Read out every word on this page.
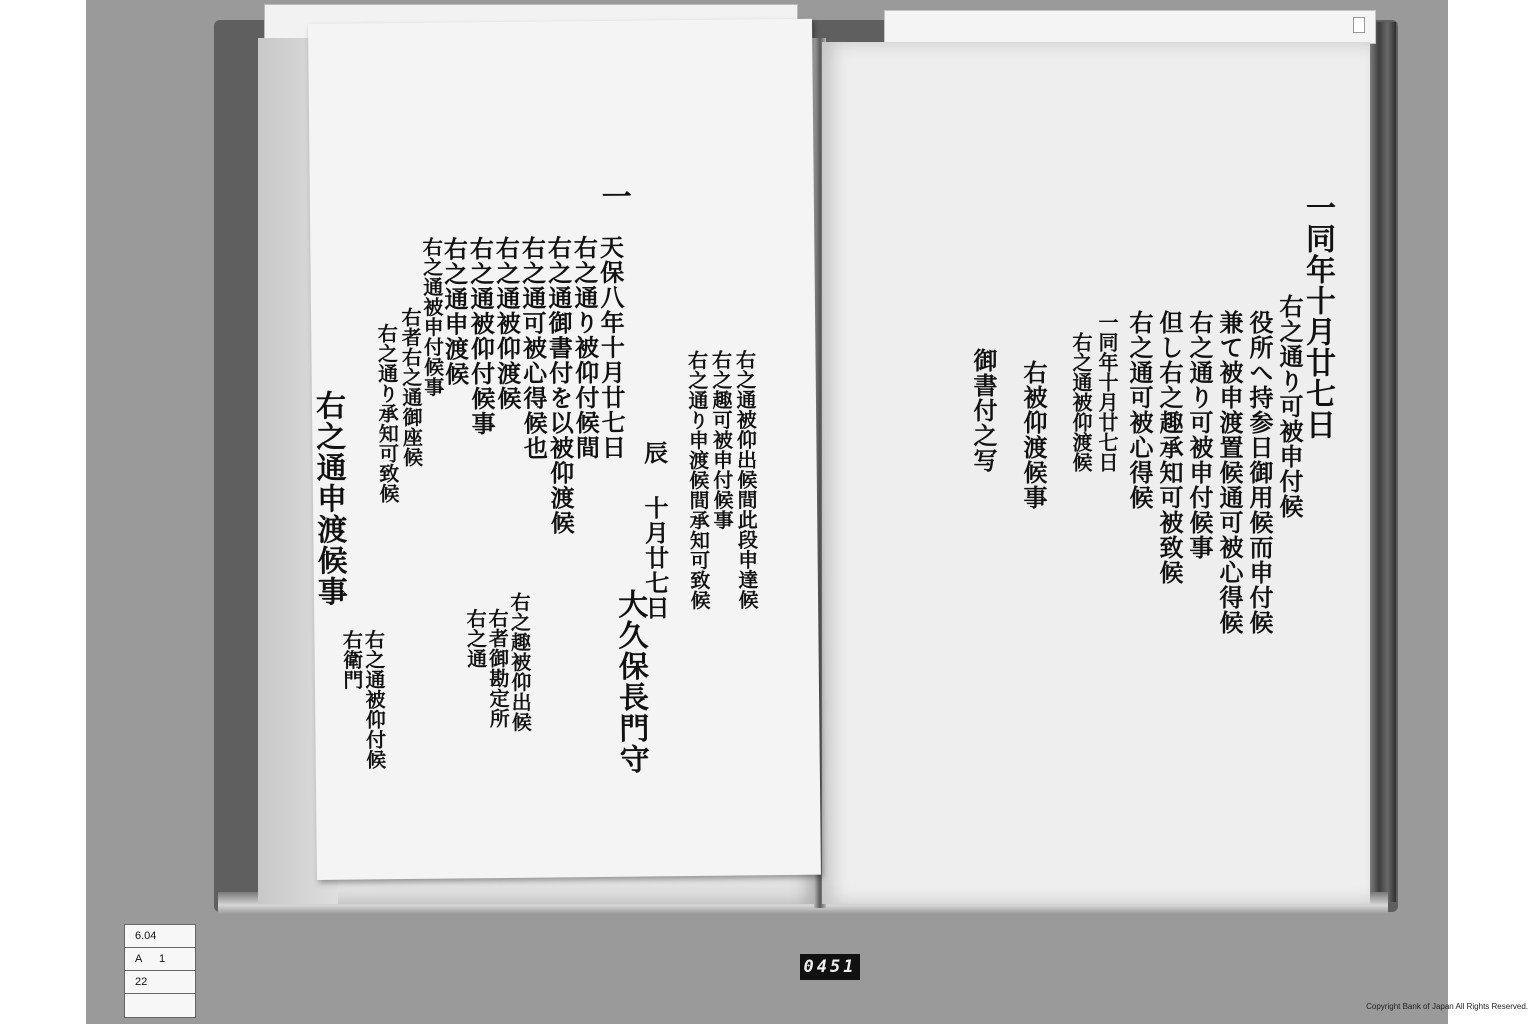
一同年十月廿七日
右之通り可被申付候
役所へ持参日御用候而申付候
兼て被申渡置候通可被心得候
右之通り可被申付候事
但し右之趣承知可被致候
右之通可被心得候
一同年十月廿七日
右之通被仰渡候
右被仰渡候事
御書付之写
一
右之通被仰出候間此段申達候
右之趣可被申付候事
右之通り申渡候間承知可致候
辰 十月廿七日
大久保長門守
天保八年十月廿七日
右之通り被仰付候間
右之通御書付を以被仰渡候
右之通可被心得候也
右之通被仰渡候
右之通被仰付候事
右之通申渡候
右之通被申付候事
右者右之通御座候
右之通り承知可致候
右之趣被仰出候
右者御勘定所
右之通
右之通被仰付候
右衛門
右之通申渡候事
6.04
A 1
22
0451
Copyright Bank of Japan All Rights Reserved.
